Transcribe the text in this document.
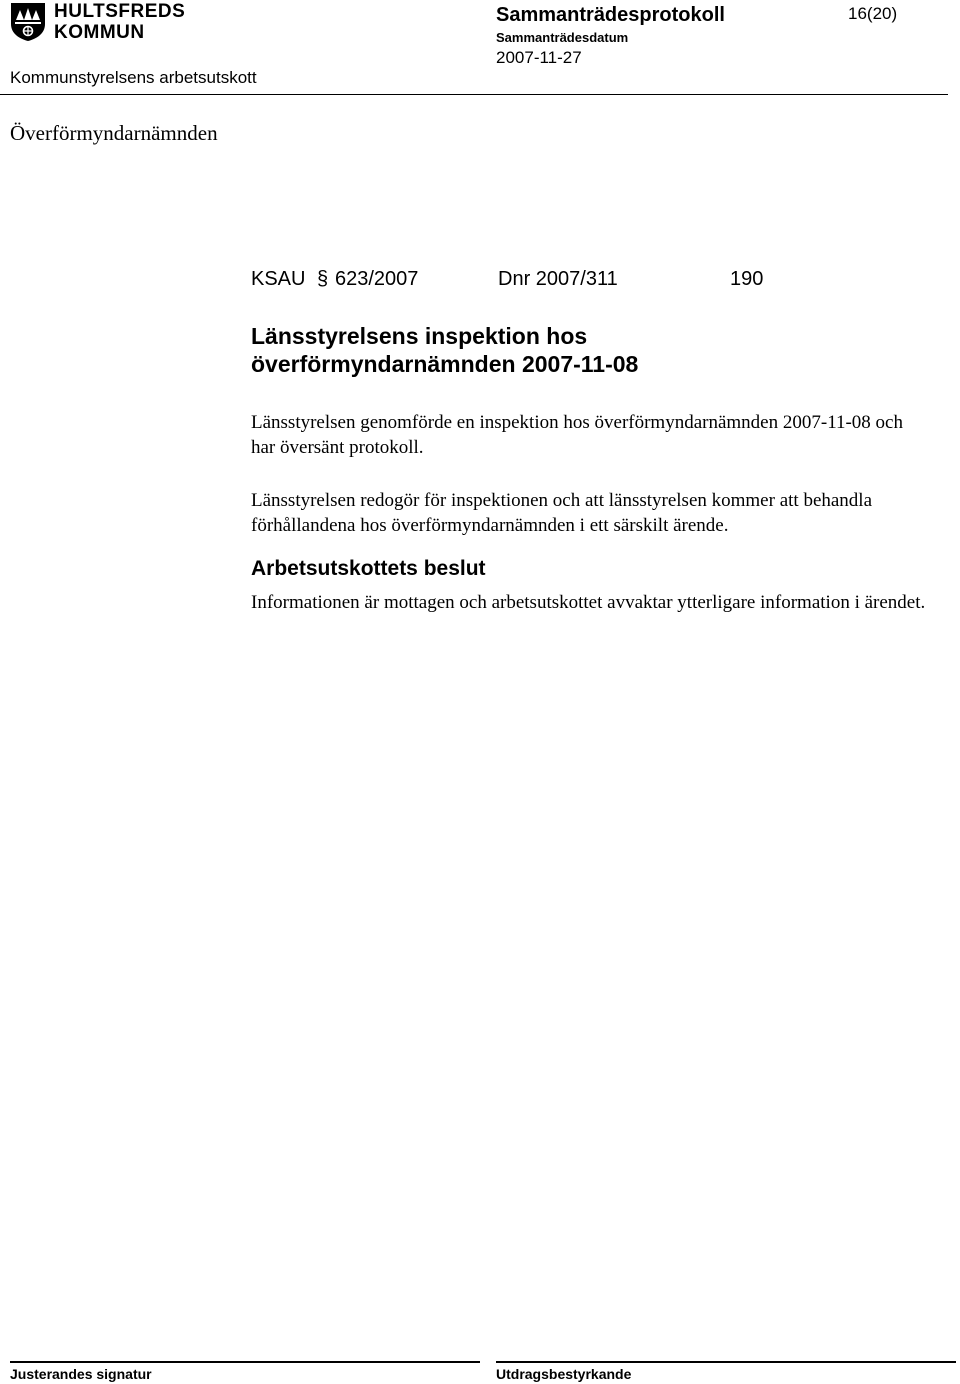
HULTSFREDS
KOMMUN
Sammanträdesprotokoll
Sammanträdesdatum
2007-11-27
16(20)
Kommunstyrelsens arbetsutskott
Överförmyndarnämnden
KSAU § 623/2007	Dnr 2007/311	190
Länsstyrelsens inspektion hos överförmyndarnämnden 2007-11-08
Länsstyrelsen genomförde en inspektion hos överförmyndarnämnden 2007-11-08 och har översänt protokoll.
Länsstyrelsen redogör för inspektionen och att länsstyrelsen kommer att behandla förhållandena hos överförmyndarnämnden i ett särskilt ärende.
Arbetsutskottets beslut
Informationen är mottagen och arbetsutskottet avvaktar ytterligare information i ärendet.
Justerandes signatur	Utdragsbestyrkande
